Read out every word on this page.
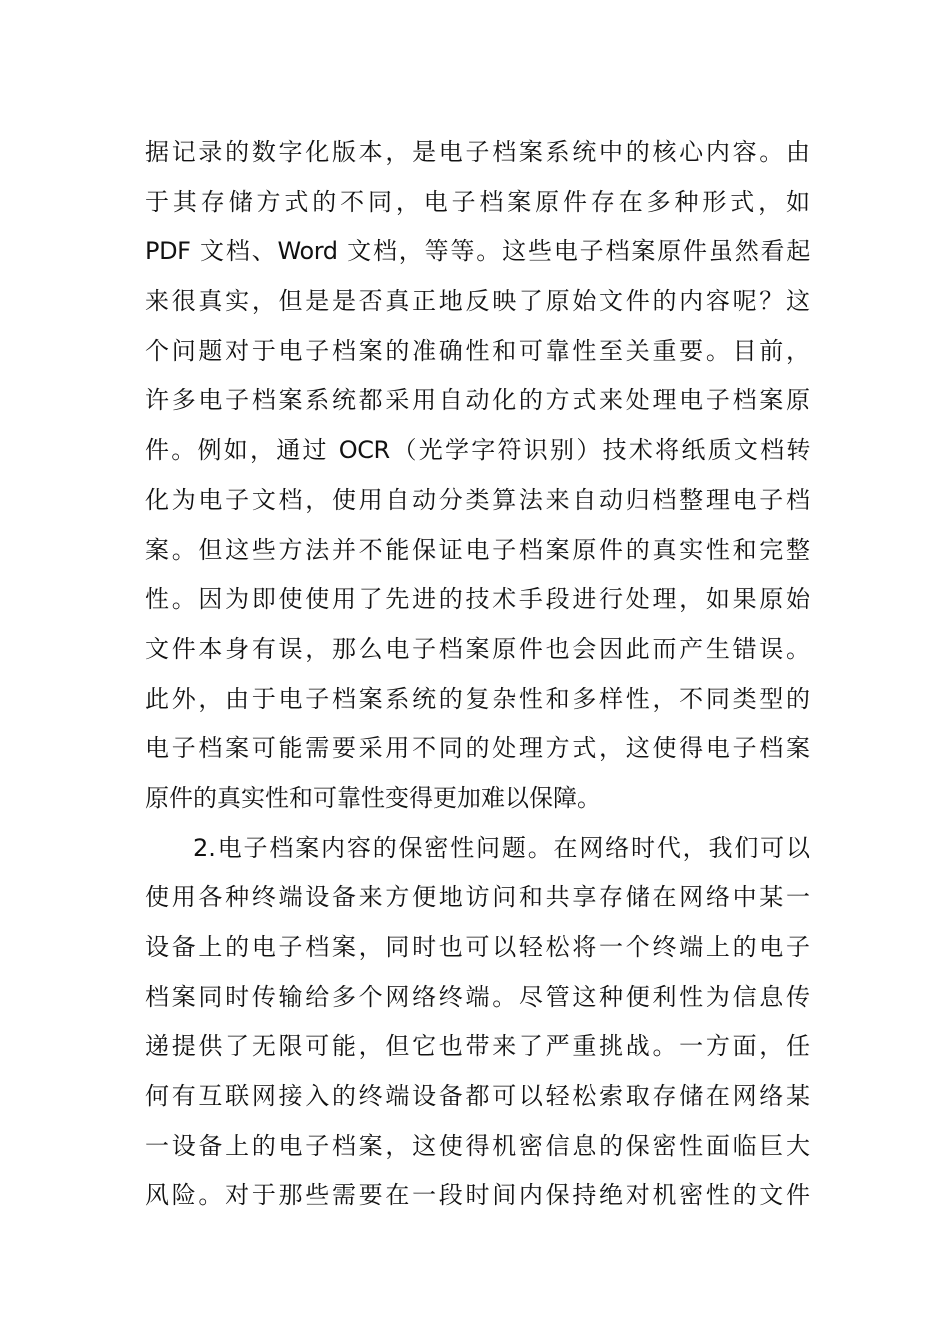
据记录的数字化版本，是电子档案系统中的核心内容。由
于其存储方式的不同，电子档案原件存在多种形式，如
PDF 文档、Word 文档，等等。这些电子档案原件虽然看起
来很真实，但是是否真正地反映了原始文件的内容呢？这
个问题对于电子档案的准确性和可靠性至关重要。目前，
许多电子档案系统都采用自动化的方式来处理电子档案原
件。例如，通过 OCR（光学字符识别）技术将纸质文档转
化为电子文档，使用自动分类算法来自动归档整理电子档
案。但这些方法并不能保证电子档案原件的真实性和完整
性。因为即使使用了先进的技术手段进行处理，如果原始
文件本身有误，那么电子档案原件也会因此而产生错误。
此外，由于电子档案系统的复杂性和多样性，不同类型的
电子档案可能需要采用不同的处理方式，这使得电子档案
原件的真实性和可靠性变得更加难以保障。
2.电子档案内容的保密性问题。在网络时代，我们可以
使用各种终端设备来方便地访问和共享存储在网络中某一
设备上的电子档案，同时也可以轻松将一个终端上的电子
档案同时传输给多个网络终端。尽管这种便利性为信息传
递提供了无限可能，但它也带来了严重挑战。一方面，任
何有互联网接入的终端设备都可以轻松索取存储在网络某
一设备上的电子档案，这使得机密信息的保密性面临巨大
风险。对于那些需要在一段时间内保持绝对机密性的文件
